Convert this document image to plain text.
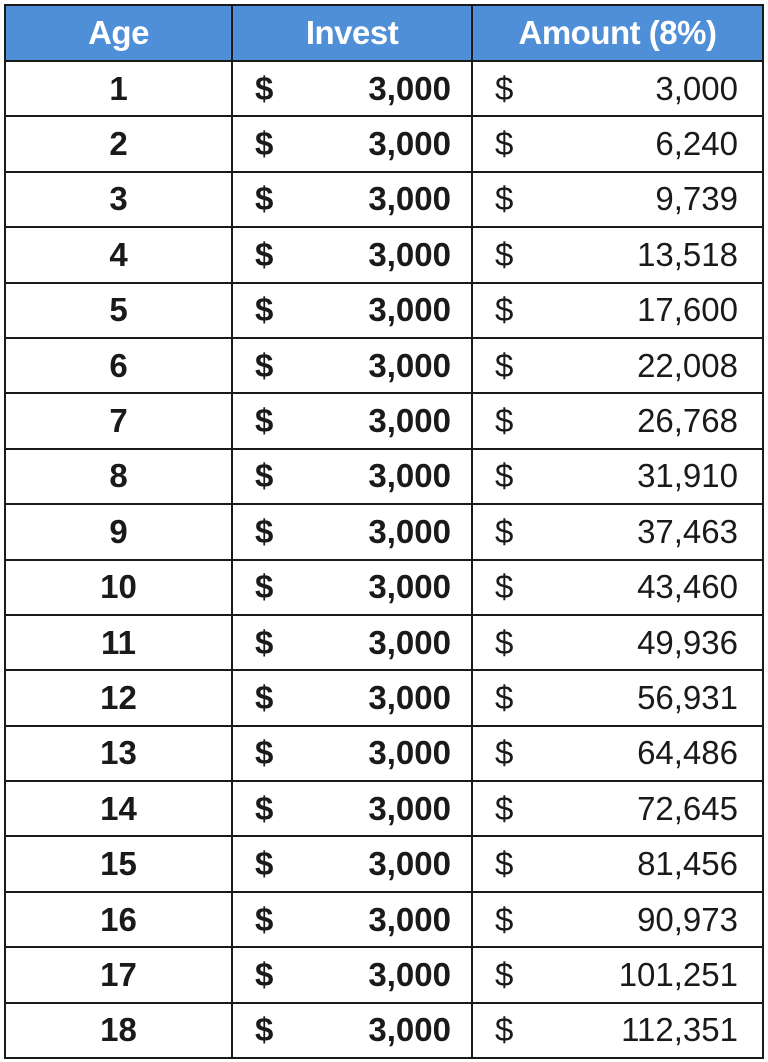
Age	Invest	Amount (8%)
1	$ 3,000	$ 3,000

2	$ 3,000	$ 6,240

3	$ 3,000	$ 9,739

4	$ 3,000	$ 13,518

5	$ 3,000	$ 17,600

6	$ 3,000	$ 22,008

7	$ 3,000	$ 26,768

8	$ 3,000	$ 31,910

9	$ 3,000	$ 37,463

10	$ 3,000	$ 43,460

11	$ 3,000	$ 49,936

12	$ 3,000	$ 56,931

13	$ 3,000	$ 64,486

14	$ 3,000	$ 72,645

15	$ 3,000	$ 81,456

16	$ 3,000	$ 90,973

17	$ 3,000	$ 101,251

18	$ 3,000	$ 112,351
